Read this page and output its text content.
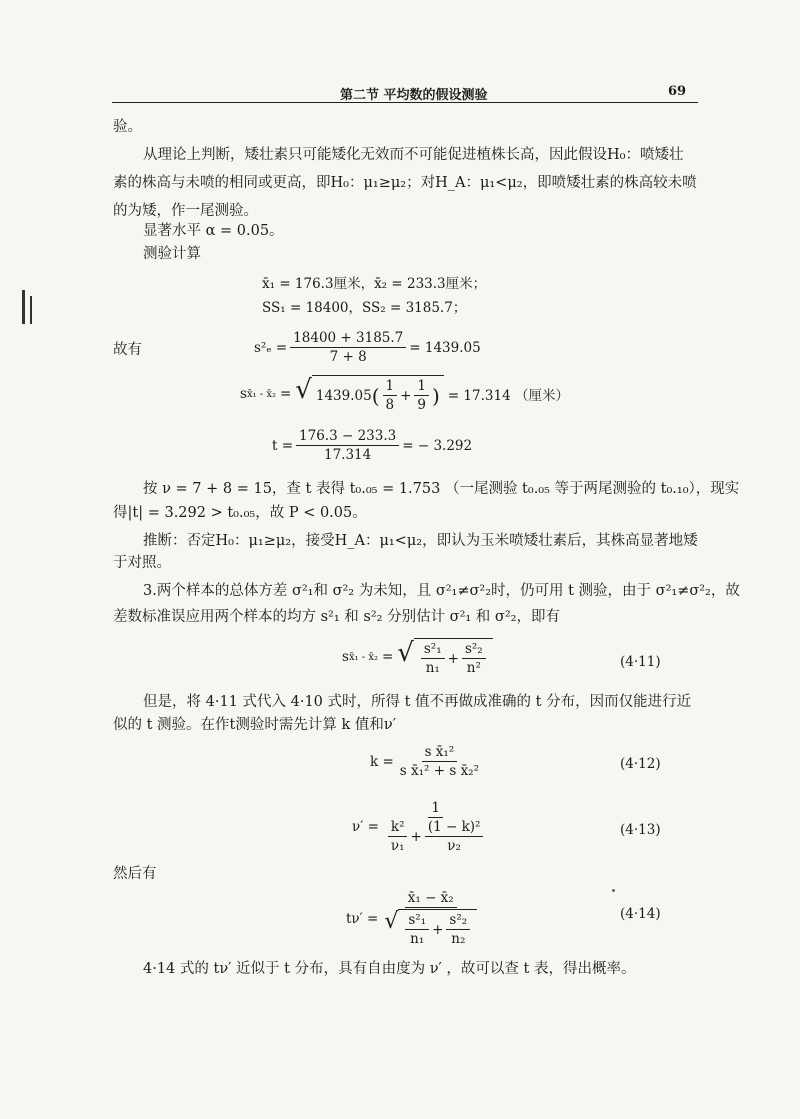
第二节 平均数的假设测验	69
验。
从理论上判断，矮壮素只可能矮化无效而不可能促进植株长高，因此假设H₀：喷矮壮
素的株高与未喷的相同或更高，即H₀：μ₁≥μ₂；对H_A：μ₁<μ₂，即喷矮壮素的株高较未喷
的为矮，作一尾测验。
显著水平 α = 0.05。
测验计算
x̄₁ = 176.3厘米，x̄₂ = 233.3厘米；
SS₁ = 18400，SS₂ = 3185.7；
故有	$s^2_e = \frac{18400 + 3185.7}{7 + 8} = 1439.05$
s x̄₁ - x̄₂ = √ 1439.05 ( $\frac{1}{8} + \frac{1}{9}$ ) = 17.314 （厘米）
$t = \frac{176.3 - 233.3}{17.314}$ = − 3.292
按 ν = 7 + 8 = 15，查 t 表得 t₀.₀₅ = 1.753 （一尾测验 t₀.₀₅ 等于两尾测验的 t₀.₁₀），现实
得|t| = 3.292 > t₀.₀₅，故 P < 0.05。
推断：否定H₀：μ₁≥μ₂，接受H_A：μ₁<μ₂，即认为玉米喷矮壮素后，其株高显著地矮
于对照。
3.两个样本的总体方差 σ²₁和 σ²₂ 为未知，且 σ²₁≠σ²₂时，仍可用 t 测验，由于 σ²₁≠σ²₂，故
差数标准误应用两个样本的均方 s²₁ 和 s²₂ 分别估计 σ²₁ 和 σ²₂，即有
s x̄₁ - x̄₂ = √ $\frac{\text{s²₁}}{\text{n₁}} + \frac{\text{s²₂}}{\text{n²}}$	(4·11)
但是，将 4·11 式代入 4·10 式时，所得 t 值不再做成准确的 t 分布，因而仅能进行近
似的 t 测验。在作t测验时需先计算 k 值和ν′
$k = \frac{\text{s x̄₁²}}{\text{s x̄₁² + s x̄₂²}}$	(4·12)
$\nu' = \frac{1}{\frac{\text{k²}}{\text{ν₁}} + \frac{\text{(1 − k)²}}{\text{ν₂}}}$	(4·13)
然后有
tν′ =
x̄₁ − x̄₂
√ $\frac{\text{s²₁}}{\text{n₁}} + \frac{\text{s²₂}}{\text{n₂}}$	(4·14)
4·14 式的 tν′ 近似于 t 分布，具有自由度为 ν′ ，故可以查 t 表，得出概率。
